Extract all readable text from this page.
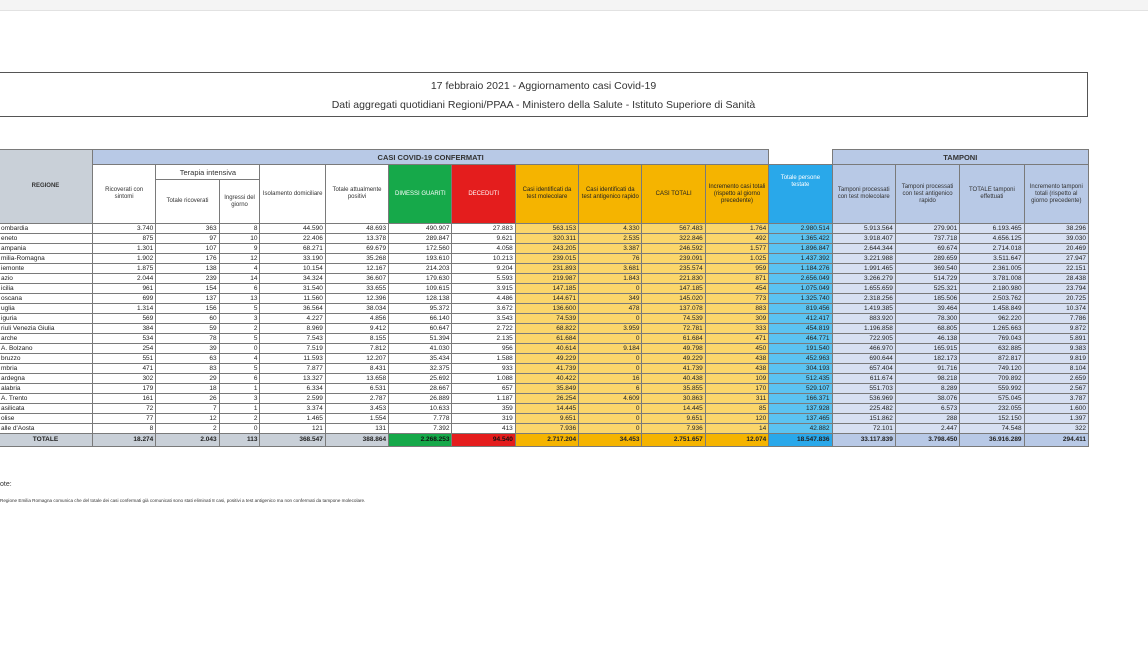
17 febbraio 2021 - Aggiornamento casi Covid-19
Dati aggregati quotidiani Regioni/PPAA - Ministero della Salute - Istituto Superiore di Sanità
REGIONE	CASI COVID-19 CONFERMATI												TAMPONI			
	Ricoverati con sintomi	Terapia intensiva		Isolamento domiciliare	Totale attualmente positivi	DIMESSI GUARITI	DECEDUTI	Casi identificati da test molecolare	Casi identificati da test antigenico rapido	CASI TOTALI	Incremento casi totali (rispetto al giorno precedente)	Totale persone testate	Tamponi processati con test molecolare	Tamponi processati con test antigenico rapido	TOTALE tamponi effettuati	Incremento tamponi totali (rispetto al giorno precedente)
		Totale ricoverati	Ingressi del giorno													
ombardia	3.740	363	8	44.590	48.693	490.907	27.883	563.153	4.330	567.483	1.764	2.980.514	5.913.564	279.901	6.193.465	38.296
eneto	875	97	10	22.406	13.378	289.847	9.621	320.311	2.535	322.846	492	1.365.422	3.918.407	737.718	4.656.125	39.030
ampania	1.301	107	9	68.271	69.679	172.560	4.058	243.205	3.387	246.592	1.577	1.896.847	2.644.344	69.674	2.714.018	20.469
milia-Romagna	1.902	176	12	33.190	35.268	193.610	10.213	239.015	76	239.091	1.025	1.437.392	3.221.988	289.659	3.511.647	27.947
iemonte	1.875	138	4	10.154	12.167	214.203	9.204	231.893	3.681	235.574	959	1.184.276	1.991.465	369.540	2.361.005	22.151
azio	2.044	239	14	34.324	36.607	179.630	5.593	219.987	1.843	221.830	871	2.656.049	3.266.279	514.729	3.781.008	28.438
icilia	961	154	6	31.540	33.655	109.615	3.915	147.185	0	147.185	454	1.075.049	1.655.659	525.321	2.180.980	23.794
oscana	699	137	13	11.560	12.396	128.138	4.486	144.671	349	145.020	773	1.325.740	2.318.256	185.506	2.503.762	20.725
uglia	1.314	156	5	36.564	38.034	95.372	3.672	136.600	478	137.078	883	819.456	1.419.385	39.464	1.458.849	10.374
iguria	569	60	3	4.227	4.856	66.140	3.543	74.539	0	74.539	309	412.417	883.920	78.300	962.220	7.786
riuli Venezia Giulia	384	59	2	8.969	9.412	60.647	2.722	68.822	3.959	72.781	333	454.819	1.196.858	68.805	1.265.663	9.872
arche	534	78	5	7.543	8.155	51.394	2.135	61.684	0	61.684	471	464.771	722.905	46.138	769.043	5.891
A. Bolzano	254	39	0	7.519	7.812	41.030	956	40.614	9.184	49.798	450	191.540	466.970	165.915	632.885	9.383
bruzzo	551	63	4	11.593	12.207	35.434	1.588	49.229	0	49.229	438	452.963	690.644	182.173	872.817	9.819
mbria	471	83	5	7.877	8.431	32.375	933	41.739	0	41.739	438	304.193	657.404	91.716	749.120	8.104
ardegna	302	29	6	13.327	13.658	25.692	1.088	40.422	16	40.438	109	512.435	611.674	98.218	709.892	2.659
alabria	179	18	1	6.334	6.531	28.667	657	35.849	6	35.855	170	529.107	551.703	8.289	559.992	2.567
A. Trento	161	26	3	2.599	2.787	26.889	1.187	26.254	4.609	30.863	311	166.371	536.969	38.076	575.045	3.787
asilicata	72	7	1	3.374	3.453	10.633	359	14.445	0	14.445	85	137.928	225.482	6.573	232.055	1.600
olise	77	12	2	1.465	1.554	7.778	319	9.651	0	9.651	120	137.465	151.862	288	152.150	1.397
alle d'Aosta	8	2	0	121	131	7.392	413	7.936	0	7.936	14	42.882	72.101	2.447	74.548	322
TOTALE	18.274	2.043	113	368.547	388.864	2.268.253	94.540	2.717.204	34.453	2.751.657	12.074	18.547.836	33.117.839	3.798.450	36.916.289	294.411
ote:
Regione Emilia Romagna comunica che del totale dei casi confermati già comunicati sono stati eliminati 8 casi, positivi a test antigenico ma non confermati da tampone molecolare.
